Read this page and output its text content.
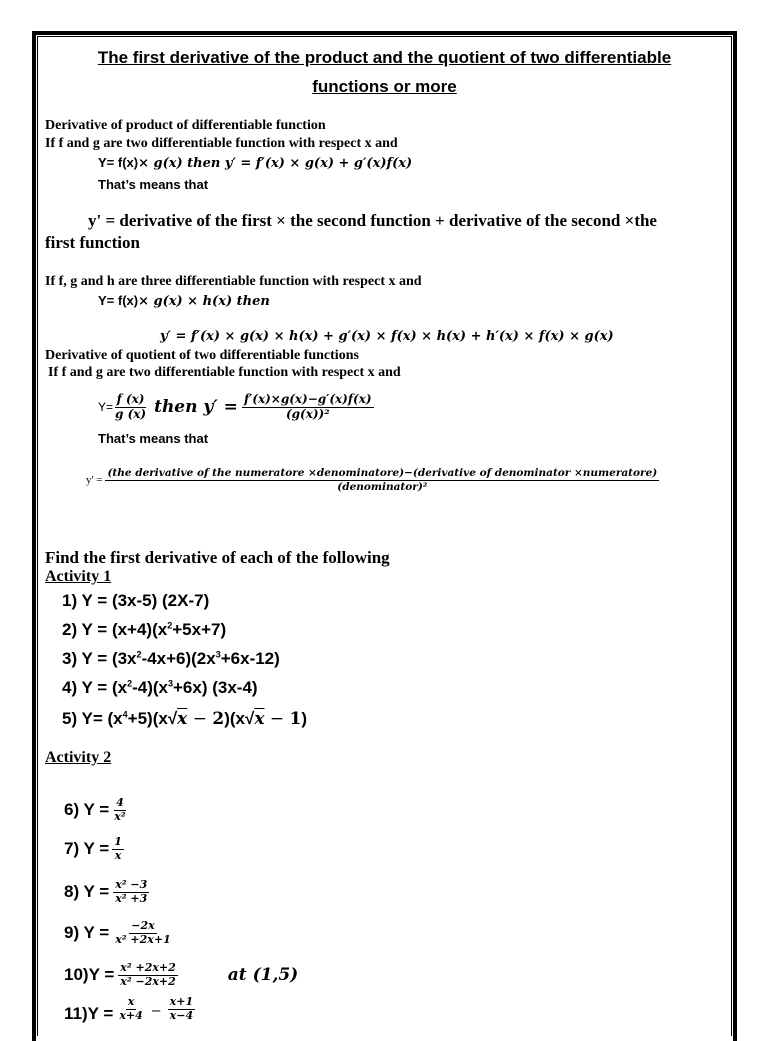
The first derivative of the product and the quotient of two differentiable
functions or more
Derivative of product of differentiable function
If f and g are two differentiable function with respect x and
Y= f(x)× g(x) then y′ = f′(x) × g(x) + g′(x)f(x)
That’s means that
y' = derivative of the first × the second function + derivative of the second ×the
first function
If f, g and h are three differentiable function with respect x and
Y= f(x)× g(x) × h(x) then
y′ = f′(x) × g(x) × h(x) + g′(x) × f(x) × h(x) + h′(x) × f(x) × g(x)
Derivative of quotient of two differentiable functions
If f and g are two differentiable function with respect x and
$Y= \frac{f (x)}{g (x)}$ then $y' = \frac{f'(x)\times g(x)-g'(x)f(x)}{\text{(g(x))²}}$
That’s means that
y' =
(the derivative of the numeratore ×denominatore)−(derivative of denominator ×numeratore)
(denominator)²
Find the first derivative of each of the following
Activity 1
1) Y = (3x-5) (2X-7)
2) $Y = (x+4)(x^2+5x+7)$
3) $Y = (3x^2-4x+6)(2x^3+6x-12)$
4) $Y = (x^2-4)(x^3+6x)$ (3x-4)
5) $Y= (x^4+5)(x√x - 2)(x√x - 1)$
Activity 2
6) $Y = \frac{4}{\text{x²}}$
7) $Y = \frac{1}{x}$
8) $Y = \frac{\text{x² −3}}{\text{x² +3}}$
9) $Y = \frac{-2x}{\text{x² +2x+1}}$
$10)Y = \frac{\text{x² +2x+2}}{\text{x² −2x+2}}$	at (1,5)
$11)Y = \frac{x}{x+4} - \frac{x+1}{x-4}$
